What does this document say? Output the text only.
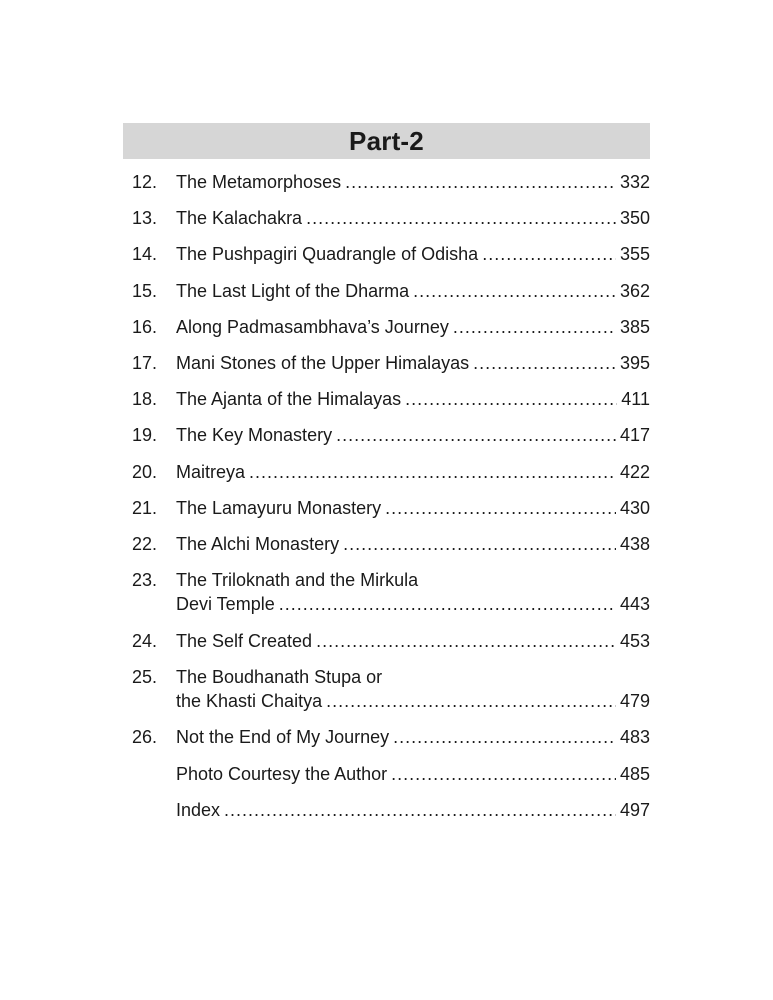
Part-2
12.	The Metamorphoses .....	332
13.	The Kalachakra .....	350
14.	The Pushpagiri Quadrangle of Odisha .....	355
15.	The Last Light of the Dharma .....	362
16.	Along Padmasambhava’s Journey .....	385
17.	Mani Stones of the Upper Himalayas .....	395
18.	The Ajanta of the Himalayas .....	411
19.	The Key Monastery .....	417
20.	Maitreya .....	422
21.	The Lamayuru Monastery .....	430
22.	The Alchi Monastery .....	438
23.	The Triloknath and the Mirkula
Devi Temple .....	443
24.	The Self Created .....	453
25.	The Boudhanath Stupa or
the Khasti Chaitya .....	479
26.	Not the End of My Journey .....	483
Photo Courtesy the Author .....	485
Index .....	497
